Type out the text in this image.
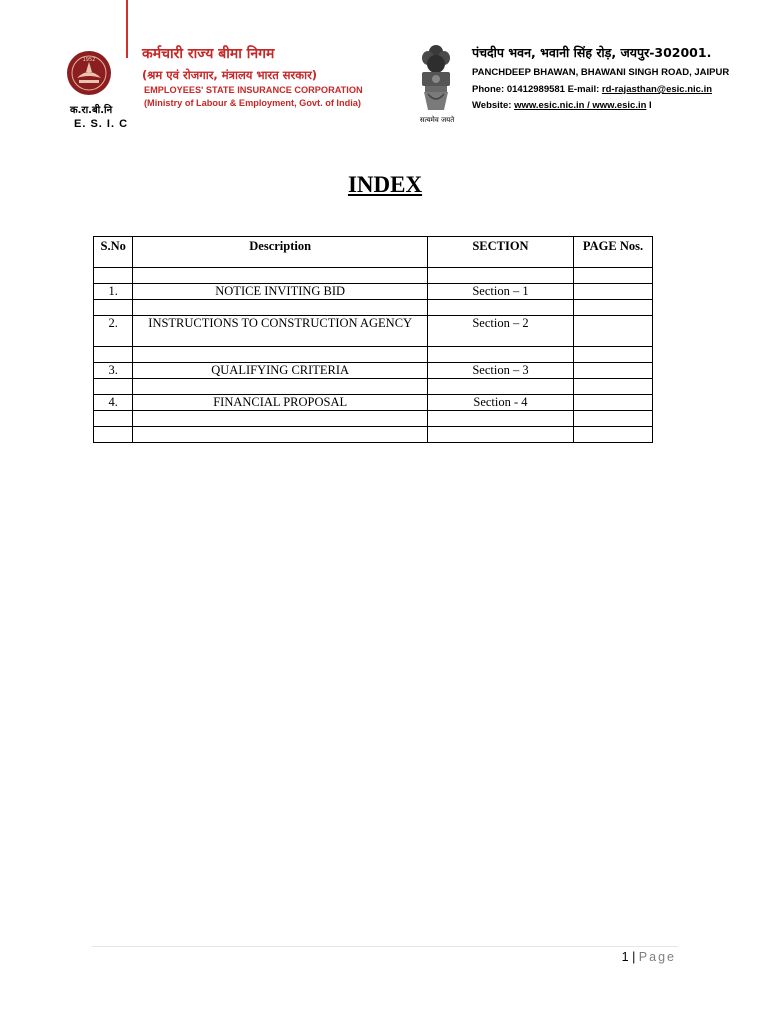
1952
क.रा.बी.नि
E. S. I. C
कर्मचारी राज्य बीमा निगम
(श्रम एवं रोजगार, मंत्रालय भारत सरकार)
EMPLOYEES' STATE INSURANCE CORPORATION
(Ministry of Labour & Employment, Govt. of India)
सत्यमेव जयते
पंचदीप भवन, भवानी सिंह रोड़, जयपुर-302001.
PANCHDEEP BHAWAN, BHAWANI SINGH ROAD, JAIPUR
Phone: 01412989581 E-mail: rd-rajasthan@esic.nic.in
Website: www.esic.nic.in / www.esic.in I
INDEX
S.No	Description	SECTION	PAGE Nos.

1.	NOTICE INVITING BID	Section – 1	

2.	INSTRUCTIONS TO CONSTRUCTION AGENCY	Section – 2	

3.	QUALIFYING CRITERIA	Section – 3	

4.	FINANCIAL PROPOSAL	Section - 4	

1 | Page
